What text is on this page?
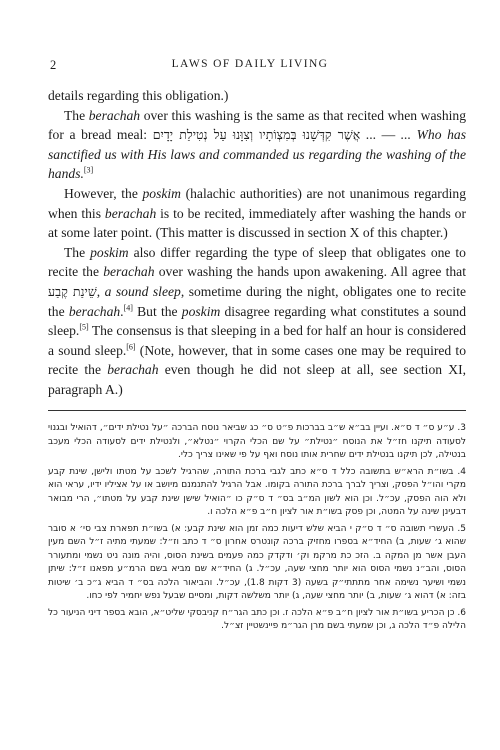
2	LAWS OF DAILY LIVING

details regarding this obligation.)

The berachah over this washing is the same as that recited when washing for a bread meal: אֲשֶׁר קִדְּשָׁנוּ בְּמִצְוֹתָיו וְצִוָּנוּ עַל נְטִילַת יָדָיִם ... — ... Who has sanctified us with His laws and commanded us regarding the washing of the hands.[3]

However, the poskim (halachic authorities) are not unanimous regarding when this berachah is to be recited, immediately after washing the hands or at some later point. (This matter is discussed in section X of this chapter.)

The poskim also differ regarding the type of sleep that obligates one to recite the berachah over washing the hands upon awakening. All agree that שֵׁינַת קֶבַע, a sound sleep, sometime during the night, obligates one to recite the berachah.[4] But the poskim disagree regarding what constitutes a sound sleep.[5] The consensus is that sleeping in a bed for half an hour is considered a sound sleep.[6] (Note, however, that in some cases one may be required to recite the berachah even though he did not sleep at all, see section XI, paragraph A.)

3. ע״ע ס״ ד ס״א. ועיין בב״א ש״ב בברכות פ״ט ס״ כג שביאר נוסח הברכה ״על נטילת ידים״, דהואיל ובגנוי לסעודה תיקנו חז״ל את הנוסח ״נטילת״ על שם הכלי הקרוי ״נטלא״, ולנטילת ידים לסעודה הכלי מעכב בנטילה, לכן תיקנו בנטילת ידים שחרית אותו נוסח ואף על פי שאינו צריך כלי.

4. בשו״ת הרא״ש בתשובה כלל ד ס״א כתב לגבי ברכת התורה, שהרגיל לשכב על מטתו ולישן, שינת קבע מקרי והו״ל הפסק, וצריך לברך ברכת התורה בקומו. אבל הרגיל להתנמנם מיושב או על אציליו ידיו, עראי הוא ולא הוה הפסק, עכ״ל. וכן הוא לשון המ״ב בס״ ד ס״ק כו ״הואיל שישן שינת קבע על מטתו״, הרי מבואר דבעינן שינה על המטה, וכן פסק בשו״ת אור לציון ח״ב פ״א הלכה ו.

5. העשרי תשובה ס״ ד ס״ק י הביא שלש דיעות כמה זמן הוא שינת קבע: א) בשו״ת תפארת צבי סי׳ א סובר שהוא ג׳ שעות, ב) החיד״א בספרו מחזיק ברכה קונטרס אחרון ס״ ד כתב וז״ל: שמעתי מתיה ז״ל השם מעין העבן אשר מן המקה ב. הזכ כת מרקמ וק׳ ודקדק כמה פעמים בשינת הסוס, והיה מונה ניט נשמי ומתעורר הסוס, והב״נ נשמי הסוס הוא יותר מחצי שעה, עכ״ל. ג) החיד״א שם מביא בשם הרמ״ע מפאנו ז״ל: שיתן נשמי ושיער נשימה אחר מתתתי״ק בשעה (3 דקות 1.8), עכ״ל. והביאור הלכה בס״ ד הביא ג״כ ב׳ שיטות בזה: א) דהוא ג׳ שעות, ב) יותר מחצי שעה, ג) יותר משלשה דקות, ומסיים שבעל נפש יחמיר לפי כחו.

6. כן הכריע בשו״ת אור לציון ח״ב פ״א הלכה ז. וכן כתב הגר״ח קניבסקי שליט״א, הובא בספר דיני הניעור כל הלילה פ״ד הלכה ג, וכן שמעתי בשם מרן הגר״מ פיינשטיין זצ״ל.
